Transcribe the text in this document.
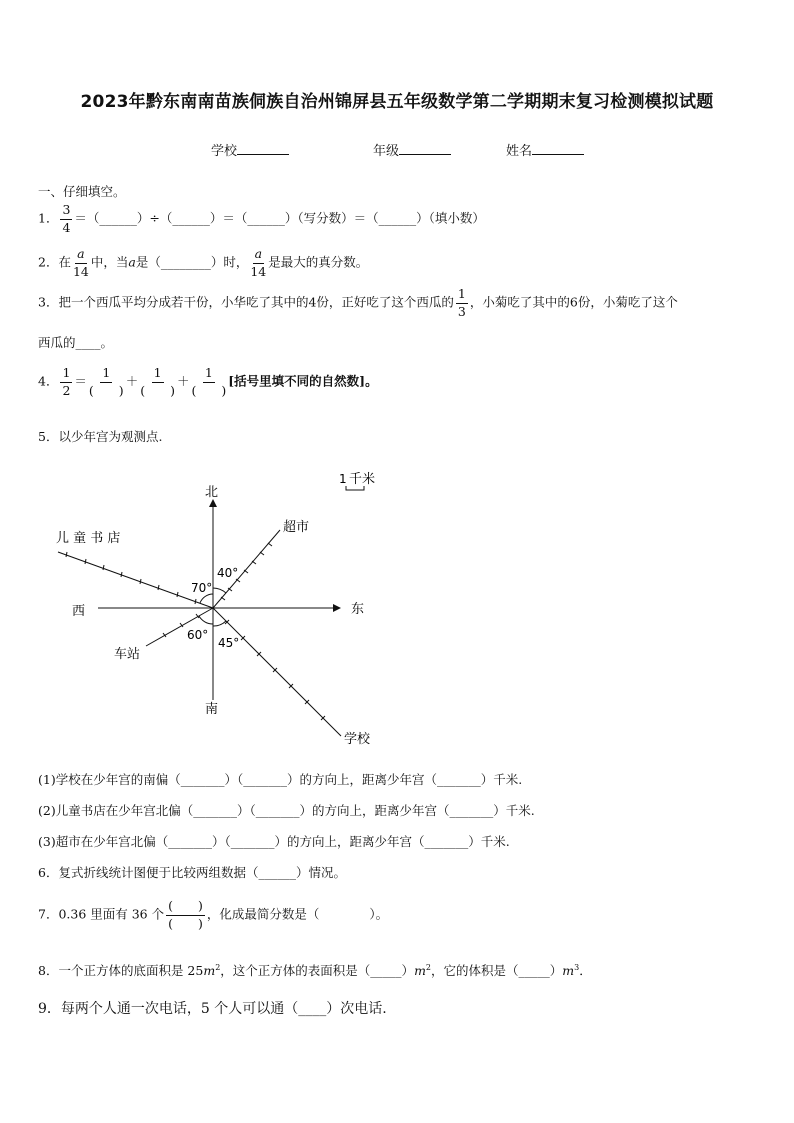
2023年黔东南南苗族侗族自治州锦屏县五年级数学第二学期期末复习检测模拟试题
学校	年级	姓名
一、仔细填空。
1． $\frac{3}{4}$ ＝（______）÷（______）＝（______）（写分数）＝（______）（填小数）
2．在 $\frac{a}{14}$ 中，当a是（________）时， $\frac{a}{14}$ 是最大的真分数。
3．把一个西瓜平均分成若干份，小华吃了其中的4份，正好吃了这个西瓜的 $\frac{1}{3}$ ，小菊吃了其中的6份，小菊吃了这个
西瓜的____。
4． $\frac{1}{2} = \frac{1}{( )} + \frac{1}{( )} + \frac{1}{( )}$ [括号里填不同的自然数]。
5．以少年宫为观测点.
北
南
东
西
70°
40°
60°
45°
儿 童 书 店
超市
车站
学校
1 千米
(1)学校在少年宫的南偏（_______）（_______）的方向上，距离少年宫（_______）千米.
(2)儿童书店在少年宫北偏（_______）（_______）的方向上，距离少年宫（_______）千米.
(3)超市在少年宫北偏（_______）（_______）的方向上，距离少年宫（_______）千米.
6．复式折线统计图便于比较两组数据（______）情况。
7．0.36 里面有 36 个 $\frac{( )}{( )}$ ，化成最简分数是（　　　　）。
8．一个正方体的底面积是 $25m^2$，这个正方体的表面积是$(\_\_\_\_\_)m^2$，它的体积是$(\_\_\_\_\_)m^3$．
9．每两个人通一次电话，5 个人可以通（____）次电话.
